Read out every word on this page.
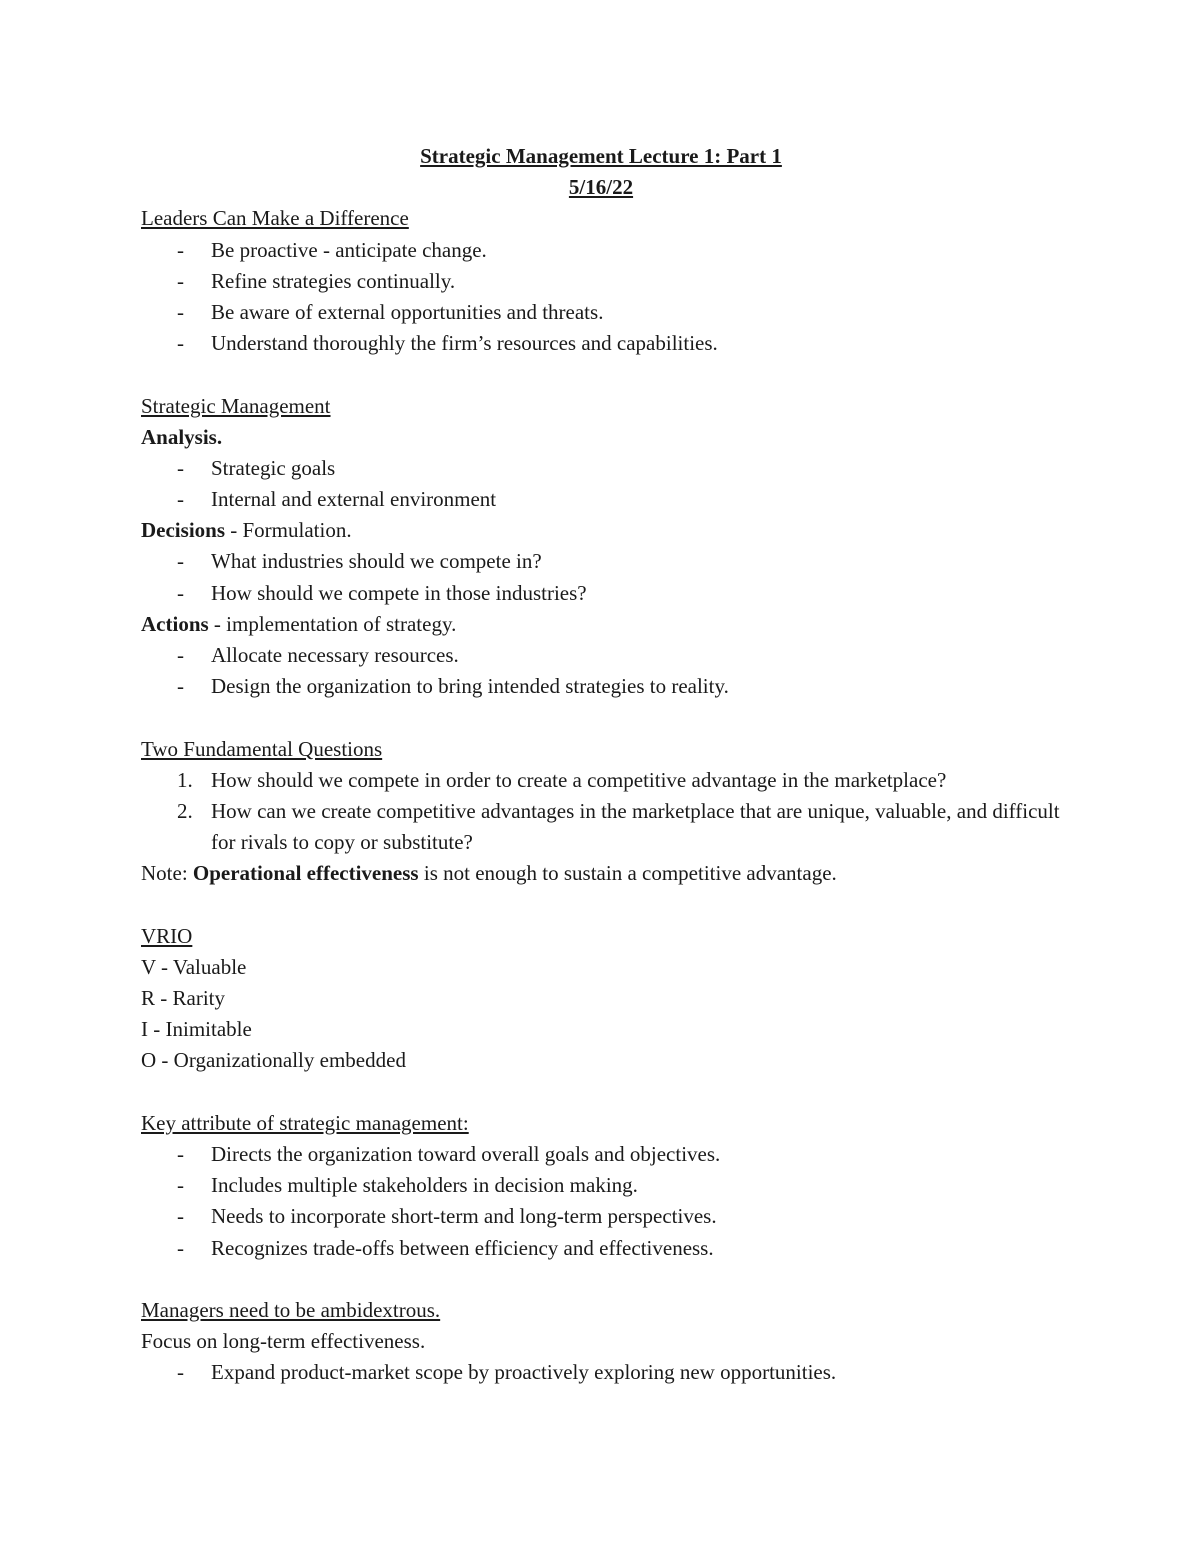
Strategic Management Lecture 1: Part 1
5/16/22
Leaders Can Make a Difference
- Be proactive - anticipate change.
- Refine strategies continually.
- Be aware of external opportunities and threats.
- Understand thoroughly the firm’s resources and capabilities.
Strategic Management
Analysis.
- Strategic goals
- Internal and external environment
Decisions - Formulation.
- What industries should we compete in?
- How should we compete in those industries?
Actions - implementation of strategy.
- Allocate necessary resources.
- Design the organization to bring intended strategies to reality.
Two Fundamental Questions
1. How should we compete in order to create a competitive advantage in the marketplace?
2. How can we create competitive advantages in the marketplace that are unique, valuable, and difficult for rivals to copy or substitute?
Note: Operational effectiveness is not enough to sustain a competitive advantage.
VRIO
V - Valuable
R - Rarity
I - Inimitable
O - Organizationally embedded
Key attribute of strategic management:
- Directs the organization toward overall goals and objectives.
- Includes multiple stakeholders in decision making.
- Needs to incorporate short-term and long-term perspectives.
- Recognizes trade-offs between efficiency and effectiveness.
Managers need to be ambidextrous.
Focus on long-term effectiveness.
- Expand product-market scope by proactively exploring new opportunities.
